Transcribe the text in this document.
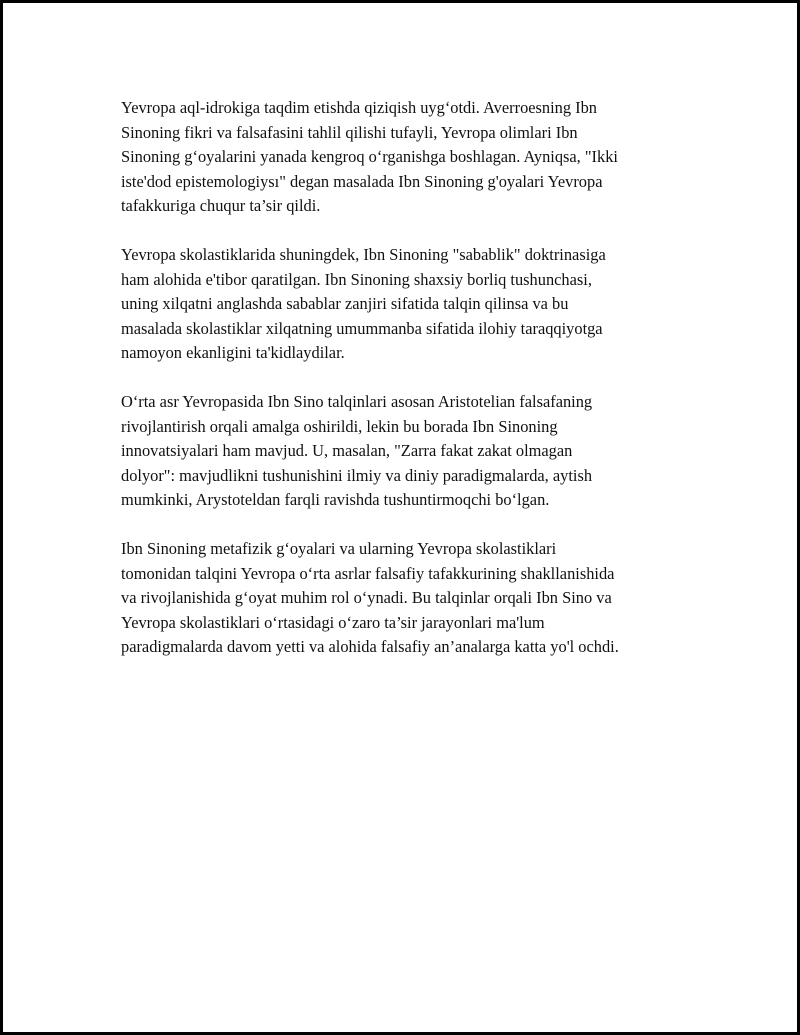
Yevropa aql-idrokiga taqdim etishda qiziqish uyg‘otdi. Averroesning Ibn
Sinoning fikri va falsafasini tahlil qilishi tufayli, Yevropa olimlari Ibn
Sinoning g‘oyalarini yanada kengroq o‘rganishga boshlagan. Ayniqsa, "Ikki
iste'dod epistemologiysı" degan masalada Ibn Sinoning g'oyalari Yevropa
tafakkuriga chuqur ta’sir qildi.

Yevropa skolastiklarida shuningdek, Ibn Sinoning "sabablik" doktrinasiga
ham alohida e'tibor qaratilgan. Ibn Sinoning shaxsiy borliq tushunchasi,
uning xilqatni anglashda sabablar zanjiri sifatida talqin qilinsa va bu
masalada skolastiklar xilqatning umummanba sifatida ilohiy taraqqiyotga
namoyon ekanligini ta'kidlaydilar.

O‘rta asr Yevropasida Ibn Sino talqinlari asosan Aristotelian falsafaning
rivojlantirish orqali amalga oshirildi, lekin bu borada Ibn Sinoning
innovatsiyalari ham mavjud. U, masalan, "Zarra fakat zakat olmagan
dolyor": mavjudlikni tushunishini ilmiy va diniy paradigmalarda, aytish
mumkinki, Arystoteldan farqli ravishda tushuntirmoqchi bo‘lgan.

Ibn Sinoning metafizik g‘oyalari va ularning Yevropa skolastiklari
tomonidan talqini Yevropa o‘rta asrlar falsafiy tafakkurining shakllanishida
va rivojlanishida g‘oyat muhim rol o‘ynadi. Bu talqinlar orqali Ibn Sino va
Yevropa skolastiklari o‘rtasidagi o‘zaro ta’sir jarayonlari ma'lum
paradigmalarda davom yetti va alohida falsafiy an’analarga katta yo'l ochdi.
